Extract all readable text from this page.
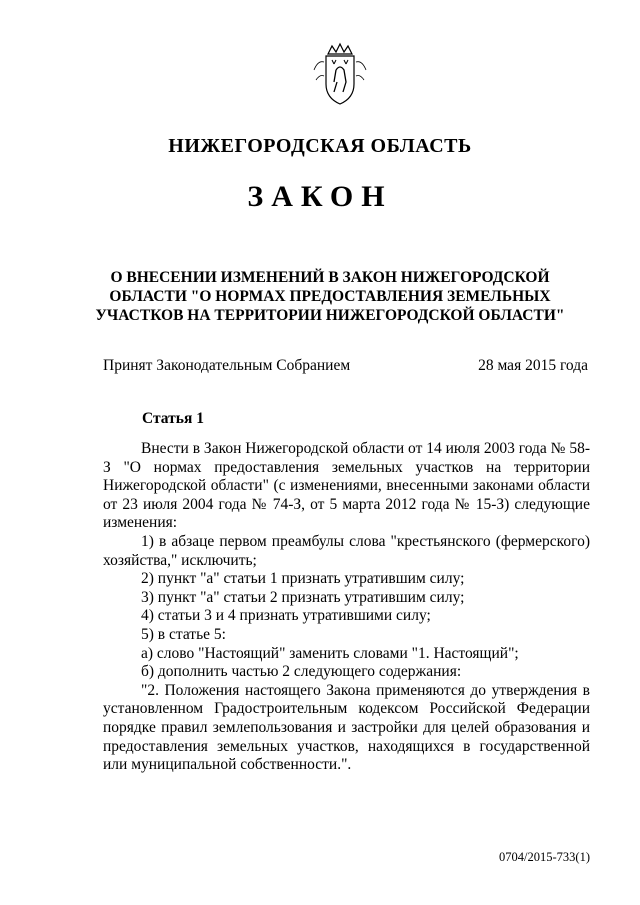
НИЖЕГОРОДСКАЯ ОБЛАСТЬ
ЗАКОН
О ВНЕСЕНИИ ИЗМЕНЕНИЙ В ЗАКОН НИЖЕГОРОДСКОЙ ОБЛАСТИ "О НОРМАХ ПРЕДОСТАВЛЕНИЯ ЗЕМЕЛЬНЫХ УЧАСТКОВ НА ТЕРРИТОРИИ НИЖЕГОРОДСКОЙ ОБЛАСТИ"
Принят Законодательным Собранием	28 мая 2015 года
Статья 1

Внести в Закон Нижегородской области от 14 июля 2003 года № 58-З "О нормах предоставления земельных участков на территории Нижегородской области" (с изменениями, внесенными законами области от 23 июля 2004 года № 74-З, от 5 марта 2012 года № 15-З) следующие изменения:

1) в абзаце первом преамбулы слова "крестьянского (фермерского) хозяйства," исключить;

2) пункт "а" статьи 1 признать утратившим силу;

3) пункт "а" статьи 2 признать утратившим силу;

4) статьи 3 и 4 признать утратившими силу;

5) в статье 5:

а) слово "Настоящий" заменить словами "1. Настоящий";

б) дополнить частью 2 следующего содержания:

"2. Положения настоящего Закона применяются до утверждения в установленном Градостроительным кодексом Российской Федерации порядке правил землепользования и застройки для целей образования и предоставления земельных участков, находящихся в государственной или муниципальной собственности.".

0704/2015-733(1)
